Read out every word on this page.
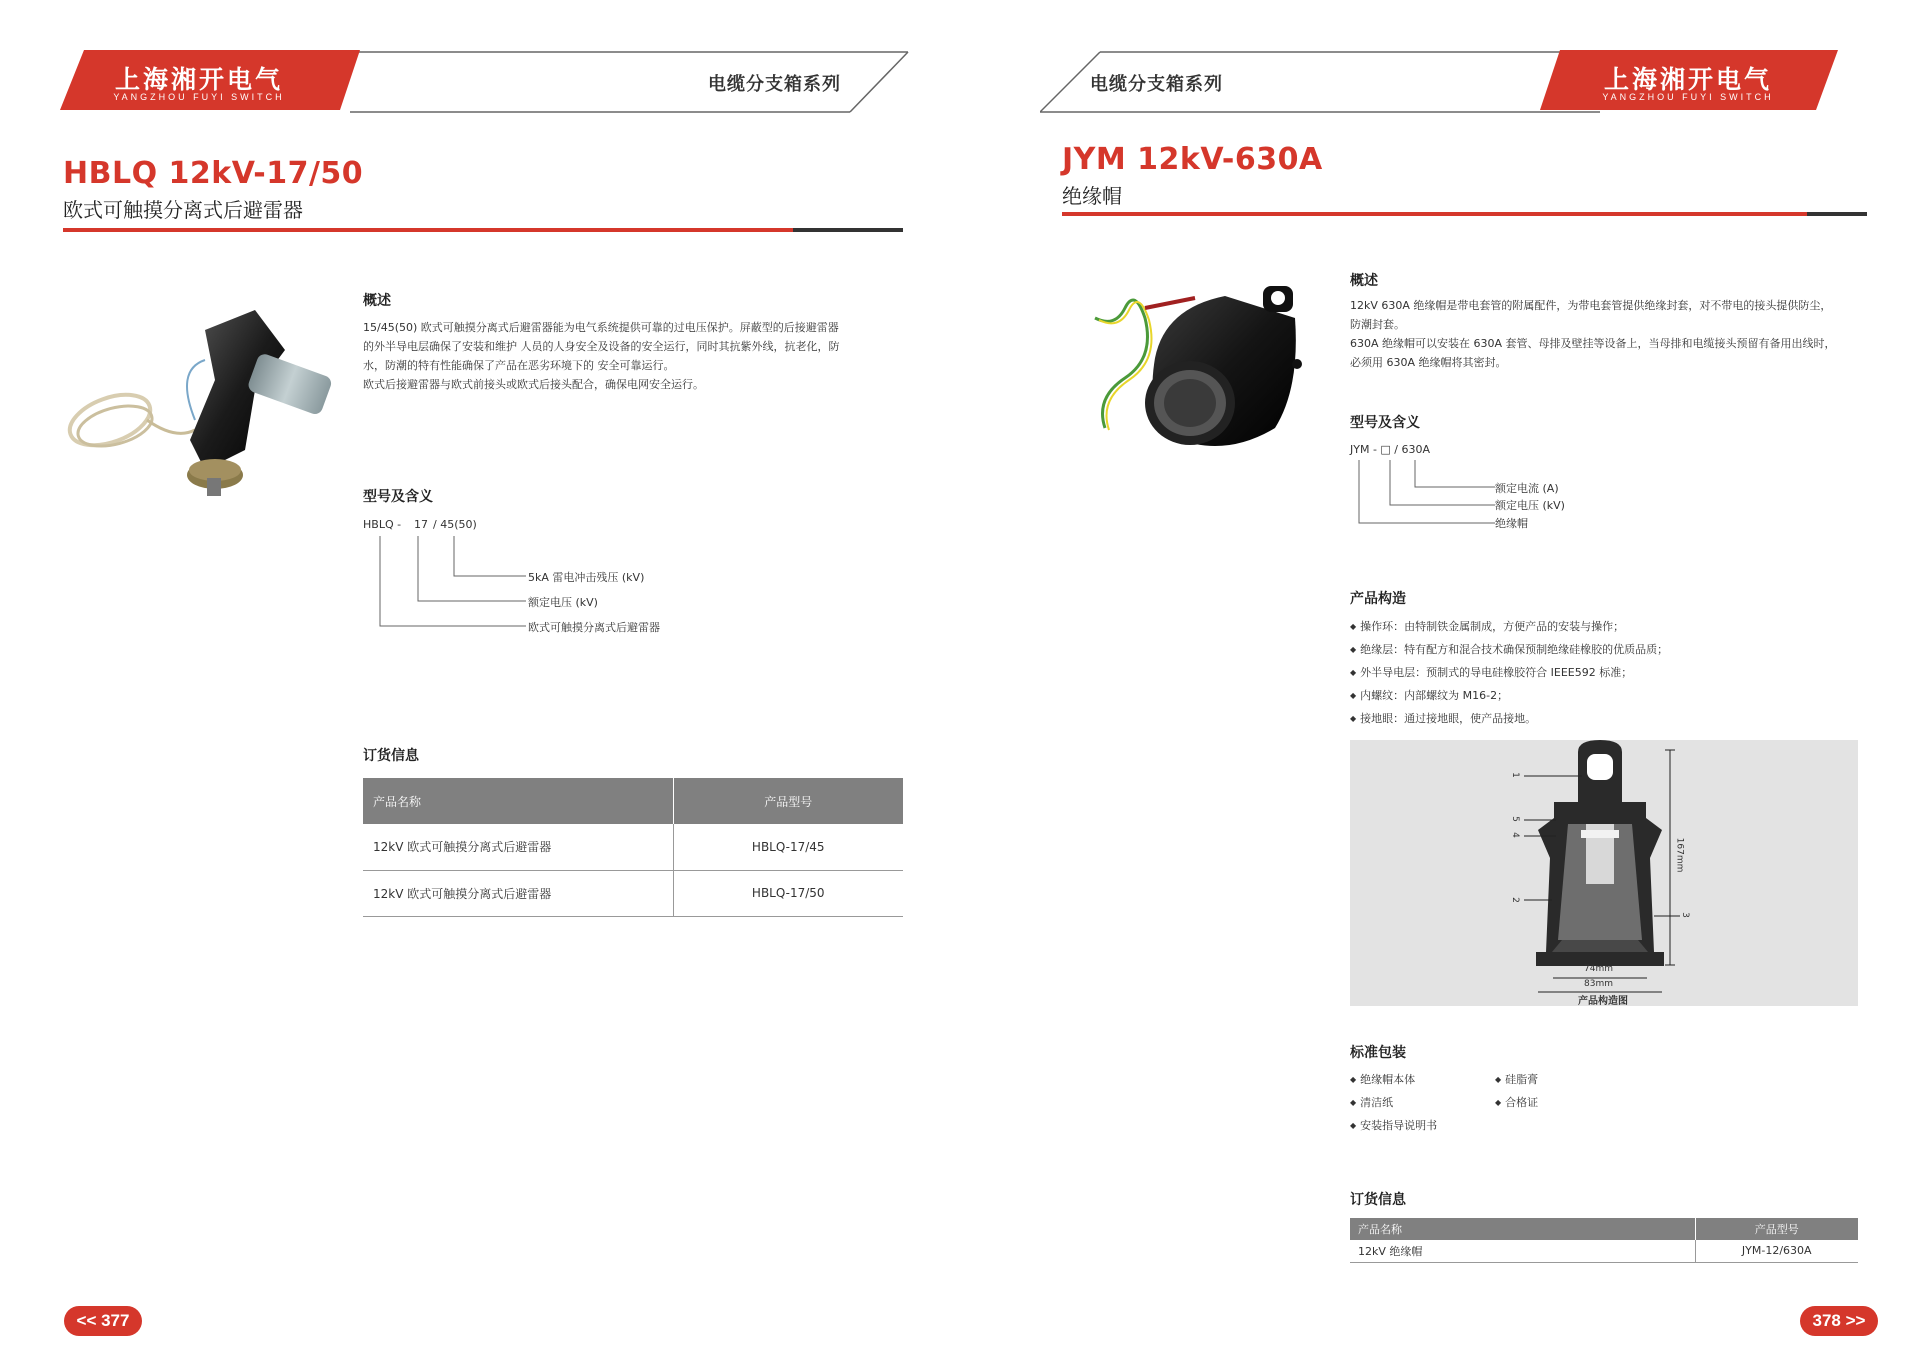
上海湘开电气
YANGZHOU FUYI SWITCH
电缆分支箱系列
HBLQ 12kV-17/50
欧式可触摸分离式后避雷器
概述
15/45(50) 欧式可触摸分离式后避雷器能为电气系统提供可靠的过电压保护。屏蔽型的后接避雷器
的外半导电层确保了安装和维护 人员的人身安全及设备的安全运行，同时其抗紫外线，抗老化，防
水，防潮的特有性能确保了产品在恶劣环境下的 安全可靠运行。
欧式后接避雷器与欧式前接头或欧式后接头配合，确保电网安全运行。
型号及含义
HBLQ - 17 / 45(50)
5kA 雷电冲击残压 (kV)
额定电压 (kV)
欧式可触摸分离式后避雷器
订货信息
产品名称	产品型号
12kV 欧式可触摸分离式后避雷器	HBLQ-17/45
12kV 欧式可触摸分离式后避雷器	HBLQ-17/50
<< 377
上海湘开电气
YANGZHOU FUYI SWITCH
电缆分支箱系列
JYM 12kV-630A
绝缘帽
概述
12kV 630A 绝缘帽是带电套管的附属配件，为带电套管提供绝缘封套，对不带电的接头提供防尘，
防潮封套。
630A 绝缘帽可以安装在 630A 套管、母排及壁挂等设备上，当母排和电缆接头预留有备用出线时，
必须用 630A 绝缘帽将其密封。
型号及含义
JYM - □ / 630A
额定电流 (A)
额定电压 (kV)
绝缘帽
产品构造
◆ 操作环：由特制铁金属制成，方便产品的安装与操作；
◆ 绝缘层：特有配方和混合技术确保预制绝缘硅橡胶的优质品质；
◆ 外半导电层：预制式的导电硅橡胶符合 IEEE592 标准；
◆ 内螺纹：内部螺纹为 M16-2；
◆ 接地眼：通过接地眼，使产品接地。
1
2
3
4
5
167mm
74mm
83mm
产品构造图
标准包装
◆ 绝缘帽本体
◆ 清洁纸
◆ 安装指导说明书
◆ 硅脂膏
◆ 合格证
订货信息
产品名称	产品型号
12kV 绝缘帽	JYM-12/630A
378 >>
